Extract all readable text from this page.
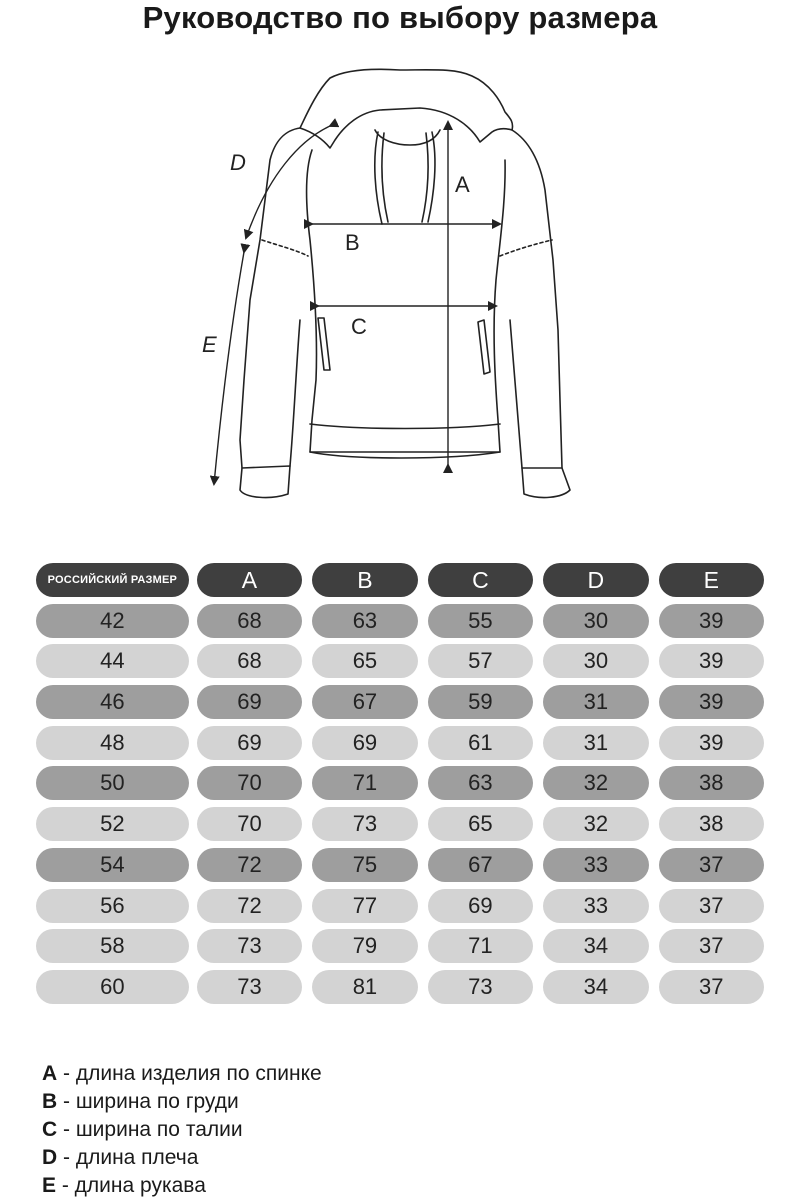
Руководство по выбору размера
A
B
C
D
E
РОССИЙСКИЙ РАЗМЕР	A	B	C	D	E
42	68	63	55	30	39
44	68	65	57	30	39
46	69	67	59	31	39
48	69	69	61	31	39
50	70	71	63	32	38
52	70	73	65	32	38
54	72	75	67	33	37
56	72	77	69	33	37
58	73	79	71	34	37
60	73	81	73	34	37
A - длина изделия по спинке
B - ширина по груди
C - ширина по талии
D - длина плеча
E - длина рукава
